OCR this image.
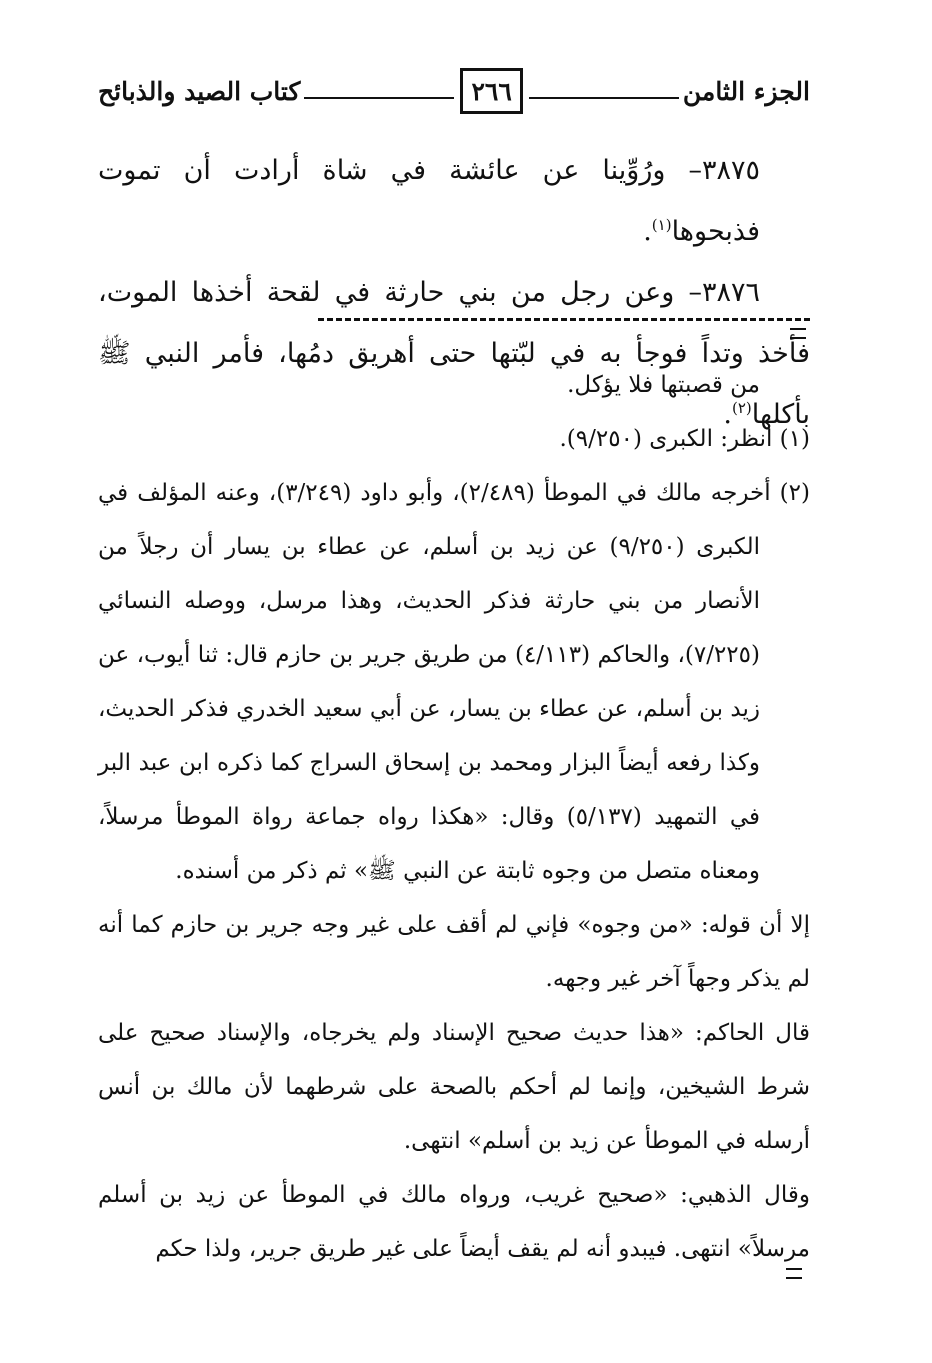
الجزء الثامن
٢٦٦
كتاب الصيد والذبائح

٣٨٧٥– ورُوِّينا عن عائشة في شاة أرادت أن تموت فذبحوها$^{(١)}$.

٣٨٧٦– وعن رجل من بني حارثة في لقحة أخذها الموت، فأخذ وتداً فوجأ به في لبّتها حتى أهريق دمُها، فأمر النبي ﷺ بأكلها$^{(٢)}$.

من قصبتها فلا يؤكل.

(١) انظر: الكبرى (٩/٢٥٠).

(٢) أخرجه مالك في الموطأ (٢/٤٨٩)، وأبو داود (٣/٢٤٩)، وعنه المؤلف في الكبرى (٩/٢٥٠) عن زيد بن أسلم، عن عطاء بن يسار أن رجلاً من الأنصار من بني حارثة فذكر الحديث، وهذا مرسل، ووصله النسائي (٧/٢٢٥)، والحاكم (٤/١١٣) من طريق جرير بن حازم قال: ثنا أيوب، عن زيد بن أسلم، عن عطاء بن يسار، عن أبي سعيد الخدري فذكر الحديث، وكذا رفعه أيضاً البزار ومحمد بن إسحاق السراج كما ذكره ابن عبد البر في التمهيد (٥/١٣٧) وقال: «هكذا رواه جماعة رواة الموطأ مرسلاً، ومعناه متصل من وجوه ثابتة عن النبي ﷺ» ثم ذكر من أسنده.

إلا أن قوله: «من وجوه» فإني لم أقف على غير وجه جرير بن حازم كما أنه لم يذكر وجهاً آخر غير وجهه.

قال الحاكم: «هذا حديث صحيح الإسناد ولم يخرجاه، والإسناد صحيح على شرط الشيخين، وإنما لم أحكم بالصحة على شرطهما لأن مالك بن أنس أرسله في الموطأ عن زيد بن أسلم» انتهى.

وقال الذهبي: «صحيح غريب، ورواه مالك في الموطأ عن زيد بن أسلم مرسلاً» انتهى. فيبدو أنه لم يقف أيضاً على غير طريق جرير، ولذا حكم
